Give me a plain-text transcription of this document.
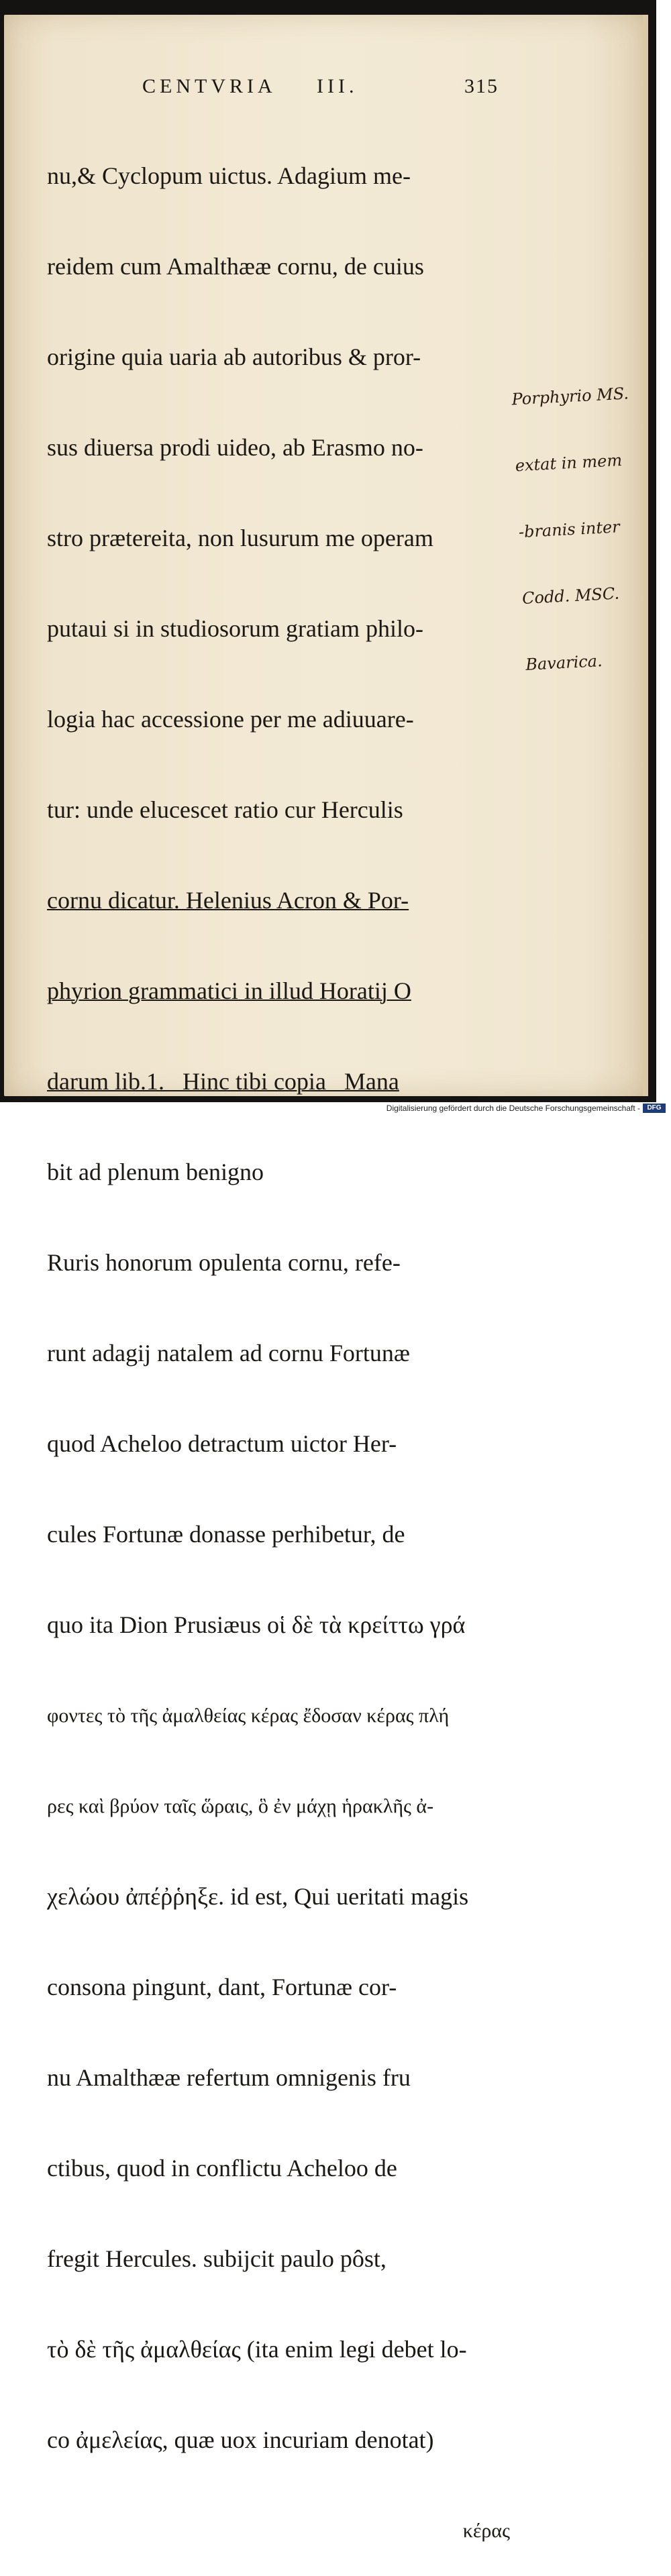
CENTVRIA III.	315

nu,& Cyclopum uictus. Adagium me-

reidem cum Amalthææ cornu, de cuius

origine quia uaria ab autoribus & pror-

sus diuersa prodi uideo, ab Erasmo no-

stro prætereita, non lusurum me operam

putaui si in studiosorum gratiam philo-

logia hac accessione per me adiuuare-

tur: unde elucescet ratio cur Herculis

cornu dicatur. Helenius Acron & Por-

phyrion grammatici in illud Horatij O

darum lib.1.   Hinc tibi copia   Mana

bit ad plenum benigno

Ruris honorum opulenta cornu, refe-

runt adagij natalem ad cornu Fortunæ

quod Acheloo detractum uictor Her-

cules Fortunæ donasse perhibetur, de

quo ita Dion Prusiæus οἱ δὲ τὰ κρείττω γρά

φοντες τὸ τῆς ἀμαλθείας κέρας ἔδοσαν κέρας πλή

ρες καὶ βρύον ταῖς ὥραις, ὃ ἐν μάχῃ ἡρακλῆς ἀ-

χελώου ἀπέῤῥηξε. id est, Qui ueritati magis

consona pingunt, dant, Fortunæ cor-

nu Amalthææ refertum omnigenis fru

ctibus, quod in conflictu Acheloo de

fregit Hercules. subijcit paulo pôst,

τὸ δὲ τῆς ἀμαλθείας (ita enim legi debet lo-

co ἀμελείας, quæ uox incuriam denotat)

κέρας

Porphyrio MS.

extat in mem

-branis inter

Codd. MSC.

Bavarica.

Digitalisierung gefördert durch die Deutsche Forschungsgemeinschaft -	DFG
